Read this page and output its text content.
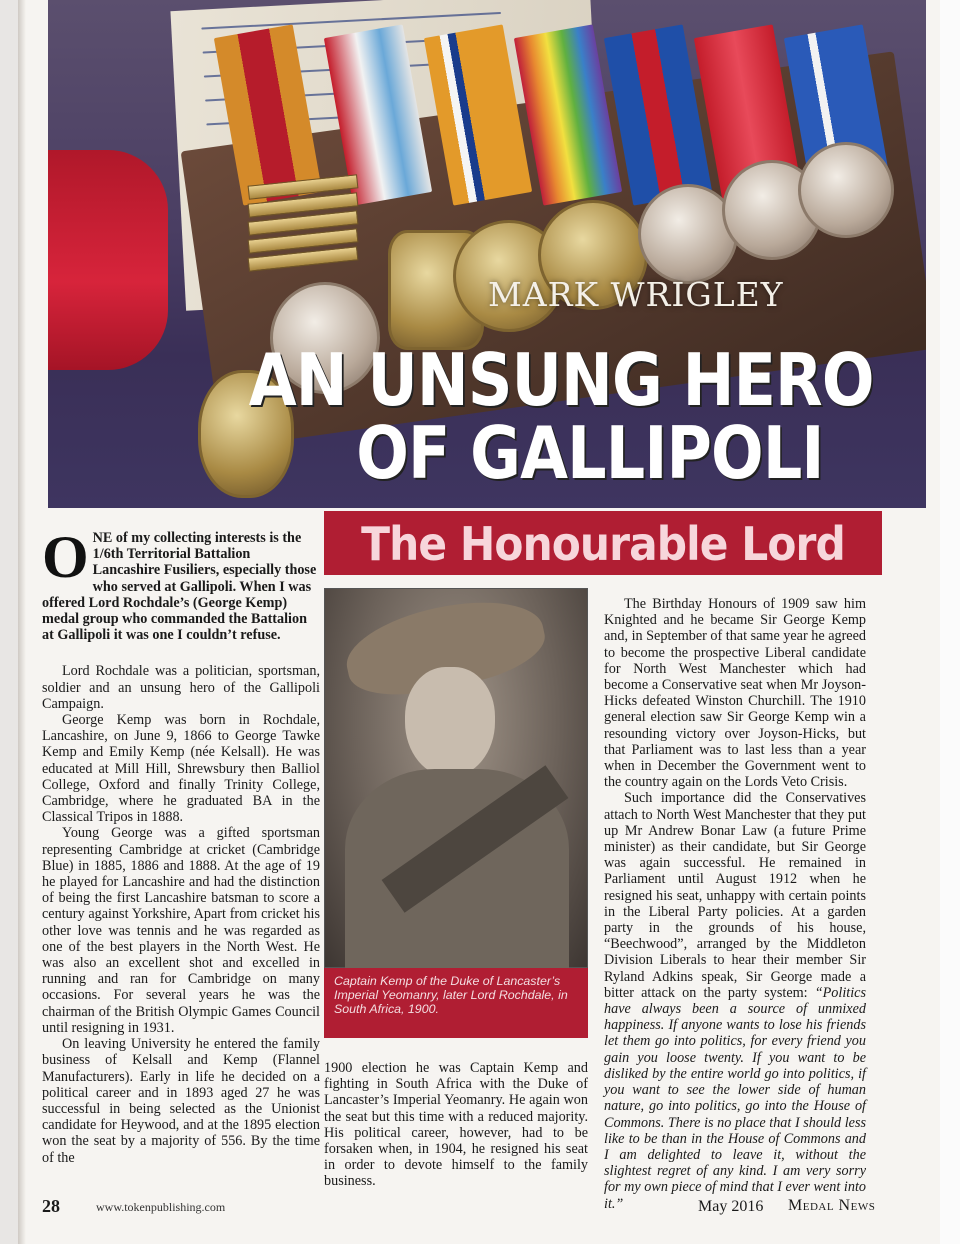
MARK WRIGLEY
AN UNSUNG HERO
OF GALLIPOLI
The Honourable Lord

ONE of my collecting interests is the 1/6th Territorial Battalion Lancashire Fusiliers, especially those who served at Gallipoli. When I was offered Lord Rochdale’s (George Kemp) medal group who commanded the Battalion at Gallipoli it was one I couldn’t refuse.

Lord Rochdale was a politician, sportsman, soldier and an unsung hero of the Gallipoli Campaign.

George Kemp was born in Rochdale, Lancashire, on June 9, 1866 to George Tawke Kemp and Emily Kemp (née Kelsall). He was educated at Mill Hill, Shrewsbury then Balliol College, Oxford and finally Trinity College, Cambridge, where he graduated BA in the Classical Tripos in 1888.

Young George was a gifted sportsman representing Cambridge at cricket (Cambridge Blue) in 1885, 1886 and 1888. At the age of 19 he played for Lancashire and had the distinction of being the first Lancashire batsman to score a century against Yorkshire, Apart from cricket his other love was tennis and he was regarded as one of the best players in the North West. He was also an excellent shot and excelled in running and ran for Cambridge on many occasions. For several years he was the chairman of the British Olympic Games Council until resigning in 1931.

On leaving University he entered the family business of Kelsall and Kemp (Flannel Manufacturers). Early in life he decided on a political career and in 1893 aged 27 he was successful in being selected as the Unionist candidate for Heywood, and at the 1895 election won the seat by a majority of 556. By the time of the

Captain Kemp of the Duke of Lancaster’s Imperial Yeomanry, later Lord Rochdale, in South Africa, 1900.

1900 election he was Captain Kemp and fighting in South Africa with the Duke of Lancaster’s Imperial Yeomanry. He again won the seat but this time with a reduced majority. His political career, however, had to be forsaken when, in 1904, he resigned his seat in order to devote himself to the family business.

The Birthday Honours of 1909 saw him Knighted and he became Sir George Kemp and, in September of that same year he agreed to become the prospective Liberal candidate for North West Manchester which had become a Conservative seat when Mr Joyson-Hicks defeated Winston Churchill. The 1910 general election saw Sir George Kemp win a resounding victory over Joyson-Hicks, but that Parliament was to last less than a year when in December the Government went to the country again on the Lords Veto Crisis.

Such importance did the Conservatives attach to North West Manchester that they put up Mr Andrew Bonar Law (a future Prime minister) as their candidate, but Sir George was again successful. He remained in Parliament until August 1912 when he resigned his seat, unhappy with certain points in the Liberal Party policies. At a garden party in the grounds of his house, “Beechwood”, arranged by the Middleton Division Liberals to hear their member Sir Ryland Adkins speak, Sir George made a bitter attack on the party system: “Politics have always been a source of unmixed happiness. If anyone wants to lose his friends let them go into politics, for every friend you gain you loose twenty. If you want to be disliked by the entire world go into politics, if you want to see the lower side of human nature, go into politics, go into the House of Commons. There is no place that I should less like to be than in the House of Commons and I am delighted to leave it, without the slightest regret of any kind. I am very sorry for my own piece of mind that I ever went into it.”

28	www.tokenpublishing.com	May 2016 Medal News
